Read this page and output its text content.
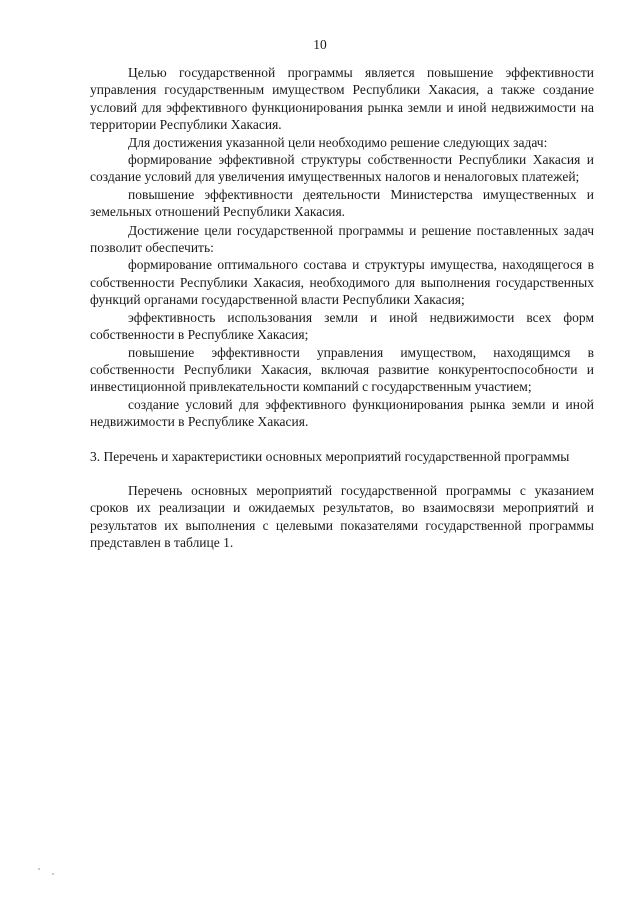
10

Целью государственной программы является повышение эффективности управления государственным имуществом Республики Хакасия, а также создание условий для эффективного функционирования рынка земли и иной недвижимости на территории Республики Хакасия.

Для достижения указанной цели необходимо решение следующих задач:

формирование эффективной структуры собственности Республики Хакасия и создание условий для увеличения имущественных налогов и неналоговых платежей;

повышение эффективности деятельности Министерства имущественных и земельных отношений Республики Хакасия.

Достижение цели государственной программы и решение поставленных задач позволит обеспечить:

формирование оптимального состава и структуры имущества, находящегося в собственности Республики Хакасия, необходимого для выполнения государственных функций органами государственной власти Республики Хакасия;

эффективность использования земли и иной недвижимости всех форм собственности в Республике Хакасия;

повышение эффективности управления имуществом, находящимся в собственности Республики Хакасия, включая развитие конкурентоспособности и инвестиционной привлекательности компаний с государственным участием;

создание условий для эффективного функционирования рынка земли и иной недвижимости в Республике Хакасия.

3. Перечень и характеристики основных мероприятий государственной программы

Перечень основных мероприятий государственной программы с указанием сроков их реализации и ожидаемых результатов, во взаимосвязи мероприятий и результатов их выполнения с целевыми показателями государственной программы представлен в таблице 1.
